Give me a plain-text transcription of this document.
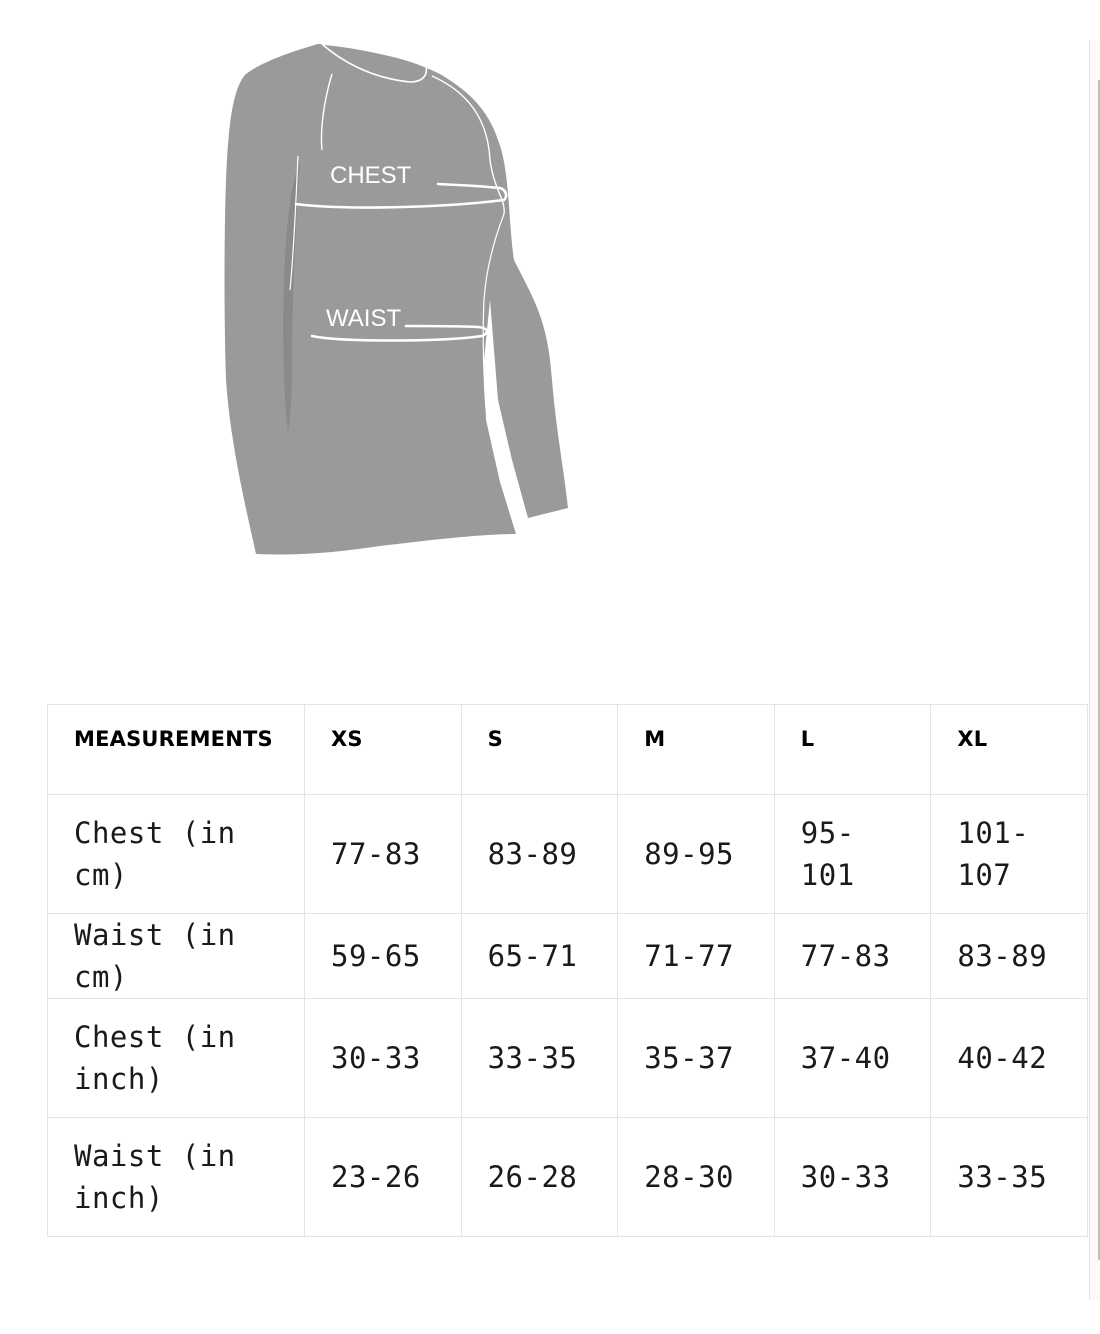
CHEST
WAIST
MEASUREMENTS	XS	S	M	L	XL
Chest (in cm)	77-83	83-89	89-95	95-101	101-107
Waist (in cm)	59-65	65-71	71-77	77-83	83-89
Chest (in inch)	30-33	33-35	35-37	37-40	40-42
Waist (in inch)	23-26	26-28	28-30	30-33	33-35
